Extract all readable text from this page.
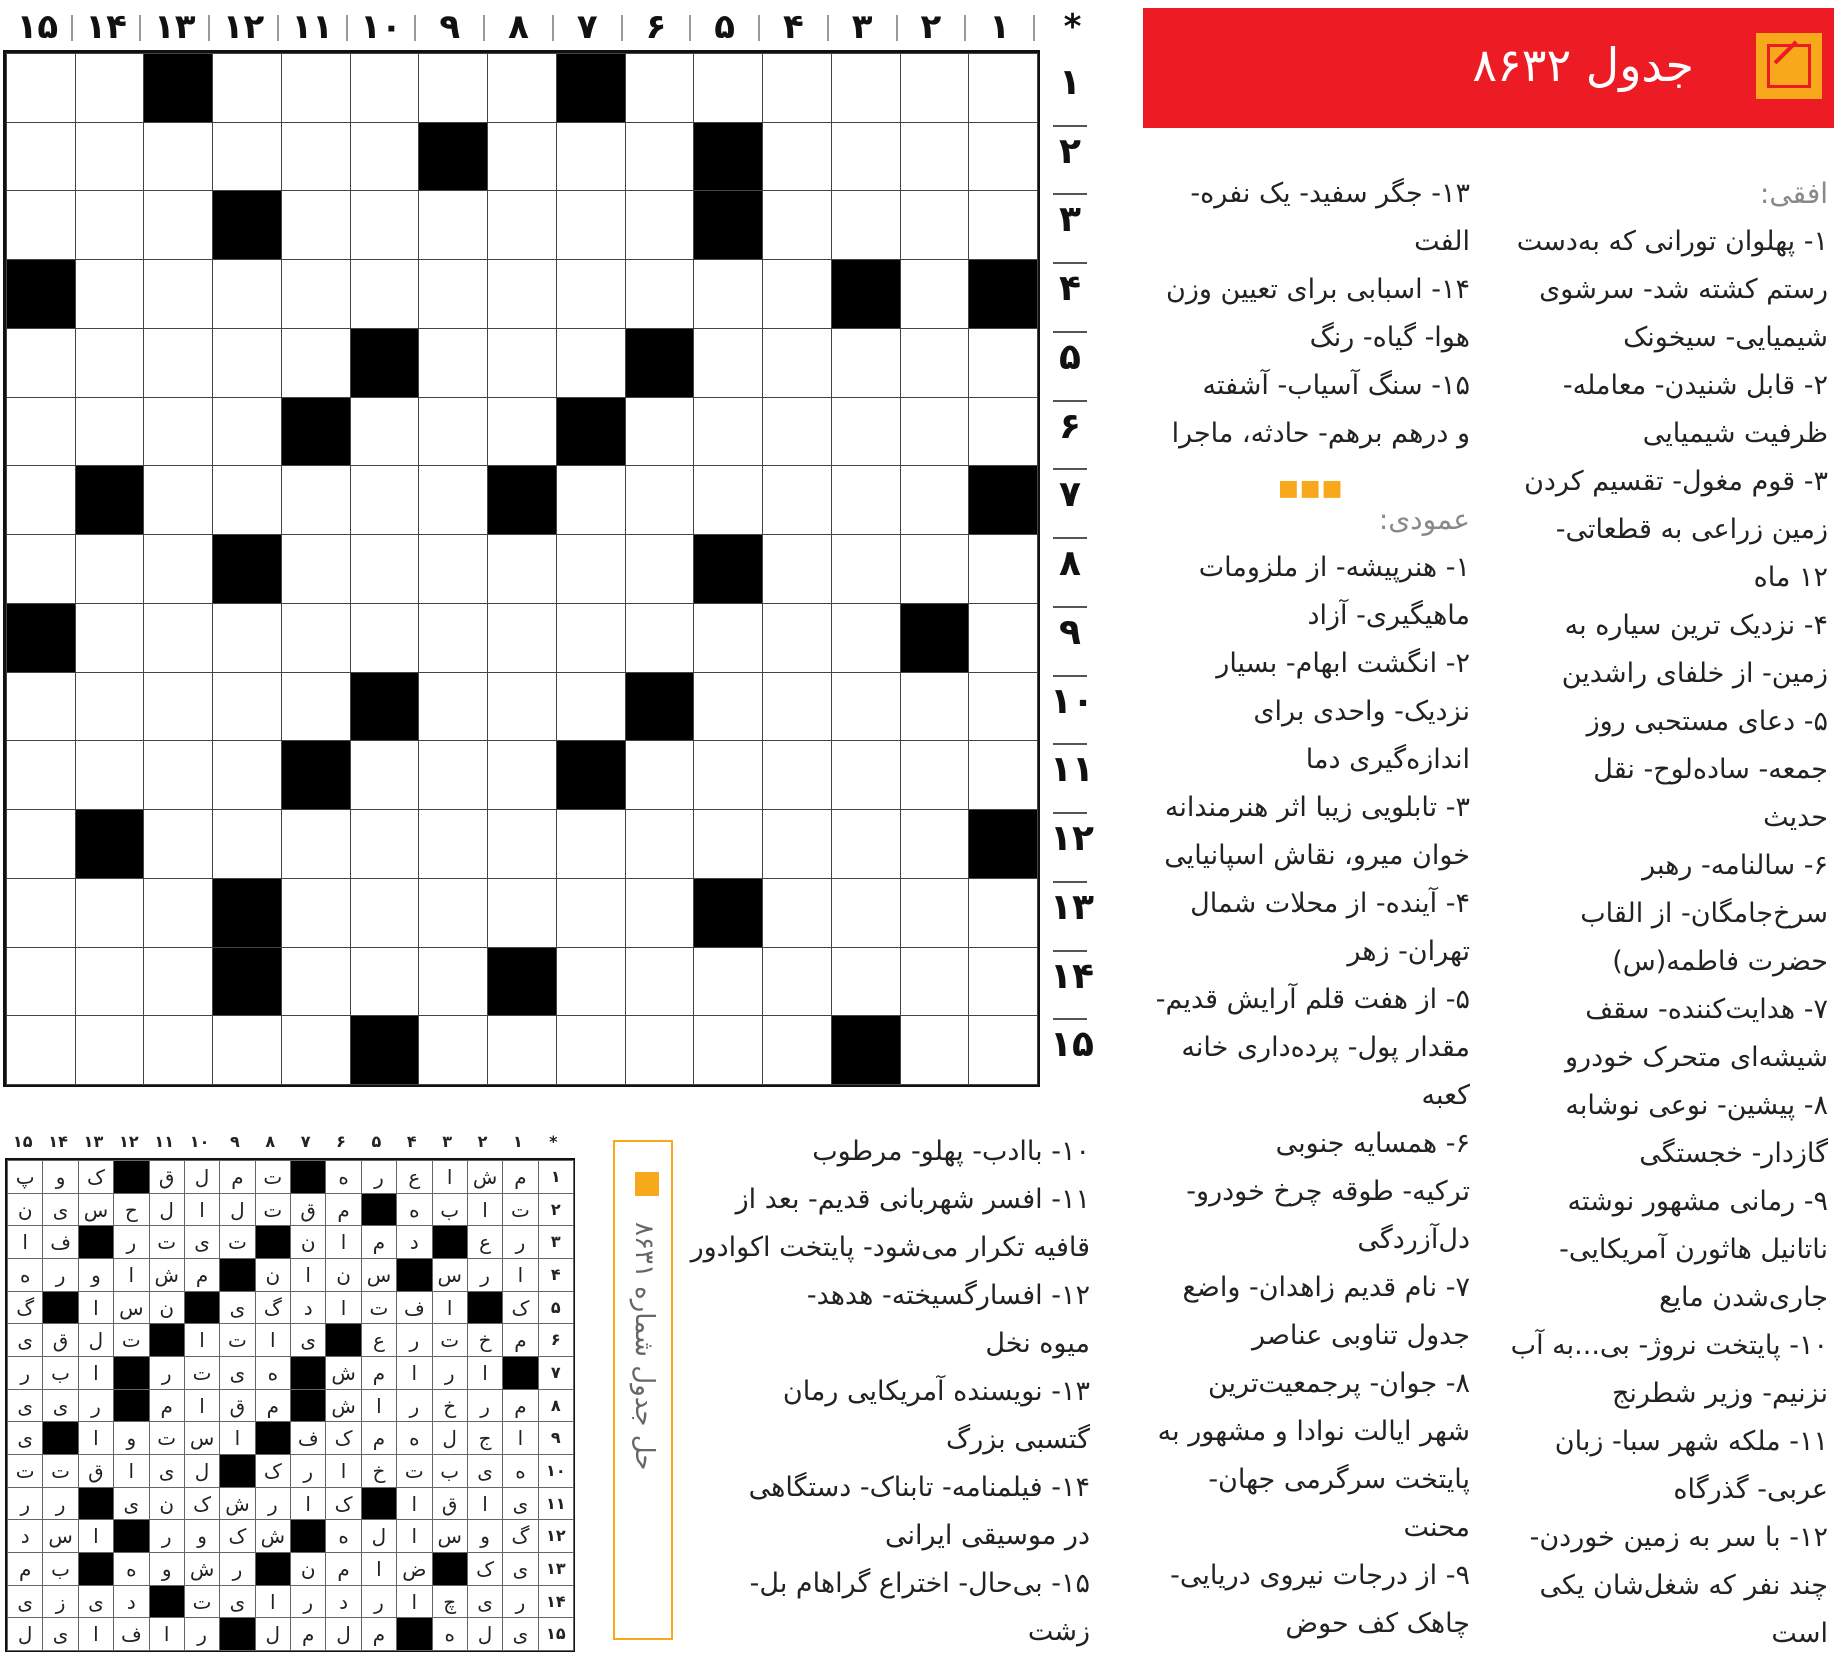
جدول ۸۶۳۲
افقی:
۱- پهلوان تورانی که به‌دست
رستم کشته شد- سرشوی
شیمیایی- سیخونک
۲- قابل شنیدن- معامله-
ظرفیت شیمیایی
۳- قوم مغول- تقسیم کردن
زمین زراعی به قطعاتی-
۱۲ ماه
۴- نزدیک ترین سیاره به
زمین- از خلفای راشدین
۵- دعای مستحبی روز
جمعه- ساده‌لوح- نقل
حدیث
۶- سالنامه- رهبر
سرخ‌جامگان- از القاب
حضرت فاطمه(س)
۷- هدایت‌کننده- سقف
شیشه‌ای متحرک خودرو
۸- پیشین- نوعی نوشابه
گازدار- خجستگی
۹- رمانی مشهور نوشته
ناتانیل هاثورن آمریکایی-
جاری‌شدن مایع
۱۰- پایتخت نروژ- بی...به آب
نزنیم- وزیر شطرنج
۱۱- ملکه شهر سبا- زبان
عربی- گذرگاه
۱۲- با سر به زمین خوردن-
چند نفر که شغل‌شان یکی
است
۱۳- جگر سفید- یک نفره-
الفت
۱۴- اسبابی برای تعیین وزن
هوا- گیاه- رنگ
۱۵- سنگ آسیاب- آشفته
و درهم برهم- حادثه، ماجرا
عمودی:
۱- هنرپیشه- از ملزومات
ماهیگیری- آزاد
۲- انگشت ابهام- بسیار
نزدیک- واحدی برای
اندازه‌گیری دما
۳- تابلویی زیبا اثر هنرمندانه
خوان میرو، نقاش اسپانیایی
۴- آینده- از محلات شمال
تهران- زهر
۵- از هفت قلم آرایش قدیم-
مقدار پول- پرده‌داری خانه
کعبه
۶- همسایه جنوبی
ترکیه- طوقه چرخ خودرو-
دل‌آزردگی
۷- نام قدیم زاهدان- واضع
جدول تناوبی عناصر
۸- جوان- پرجمعیت‌ترین
شهر ایالت نوادا و مشهور به
پایتخت سرگرمی جهان-
محنت
۹- از درجات نیروی دریایی-
چاهک کف حوض
■■■
۱۰- باادب- پهلو- مرطوب
۱۱- افسر شهربانی قدیم- بعد از
قافیه تکرار می‌شود- پایتخت اکوادور
۱۲- افسارگسیخته- هدهد-
میوه نخل
۱۳- نویسنده آمریکایی رمان
گتسبی بزرگ
۱۴- فیلمنامه- تابناک- دستگاهی
در موسیقی ایرانی
۱۵- بی‌حال- اختراع گراهام بل-
زشت
*
۱
۲
۳
۴
۵
۶
۷
۸
۹
۱۰
۱۱
۱۲
۱۳
۱۴
۱۵
۱
۲
۳
۴
۵
۶
۷
۸
۹
۱۰
۱۱
۱۲
۱۳
۱۴
۱۵
حل جدول شماره ۸۶۳۱
*
۱
۲
۳
۴
۵
۶
۷
۸
۹
۱۰
۱۱
۱۲
۱۳
۱۴
۱۵
۱
م
ش
ا
ع
ر
ه
ت
م
ل
ق
ک
و
پ
۲
ت
ا
ب
ه
م
ق
ت
ل
ا
ل
ح
س
ی
ن
۳
ر
ع
د
م
ا
ن
ت
ی
ت
ر
ف
ا
۴
ا
ر
س
س
ن
ا
ن
م
ش
ا
و
ر
ه
۵
ک
ا
ف
ت
ا
د
گ
ی
ن
س
ا
گ
۶
م
خ
ت
ر
ع
ی
ا
ت
ا
ت
ل
ق
ی
۷
ا
ر
ا
م
ش
ه
ی
ت
ر
ا
ب
ر
۸
م
ر
خ
ر
ا
ش
م
ق
ا
م
ر
ی
ی
۹
ا
ج
ل
ه
م
ک
ف
ا
س
ت
و
ا
ی
۱۰
ه
ی
ب
ت
خ
ا
ر
ک
ل
ی
ا
ق
ت
ت
۱۱
ی
ا
ق
ا
ک
ا
ر
ش
ک
ن
ی
ر
ر
۱۲
گ
و
س
ا
ل
ه
ش
ک
و
ر
ا
س
د
۱۳
ی
ک
ض
ا
م
ن
ر
ش
و
ه
ب
م
۱۴
ر
ی
چ
ا
ر
د
ر
ا
ی
ت
د
ی
ز
ی
۱۵
ی
ل
ه
م
ل
م
ل
ر
ا
ف
ا
ی
ل
